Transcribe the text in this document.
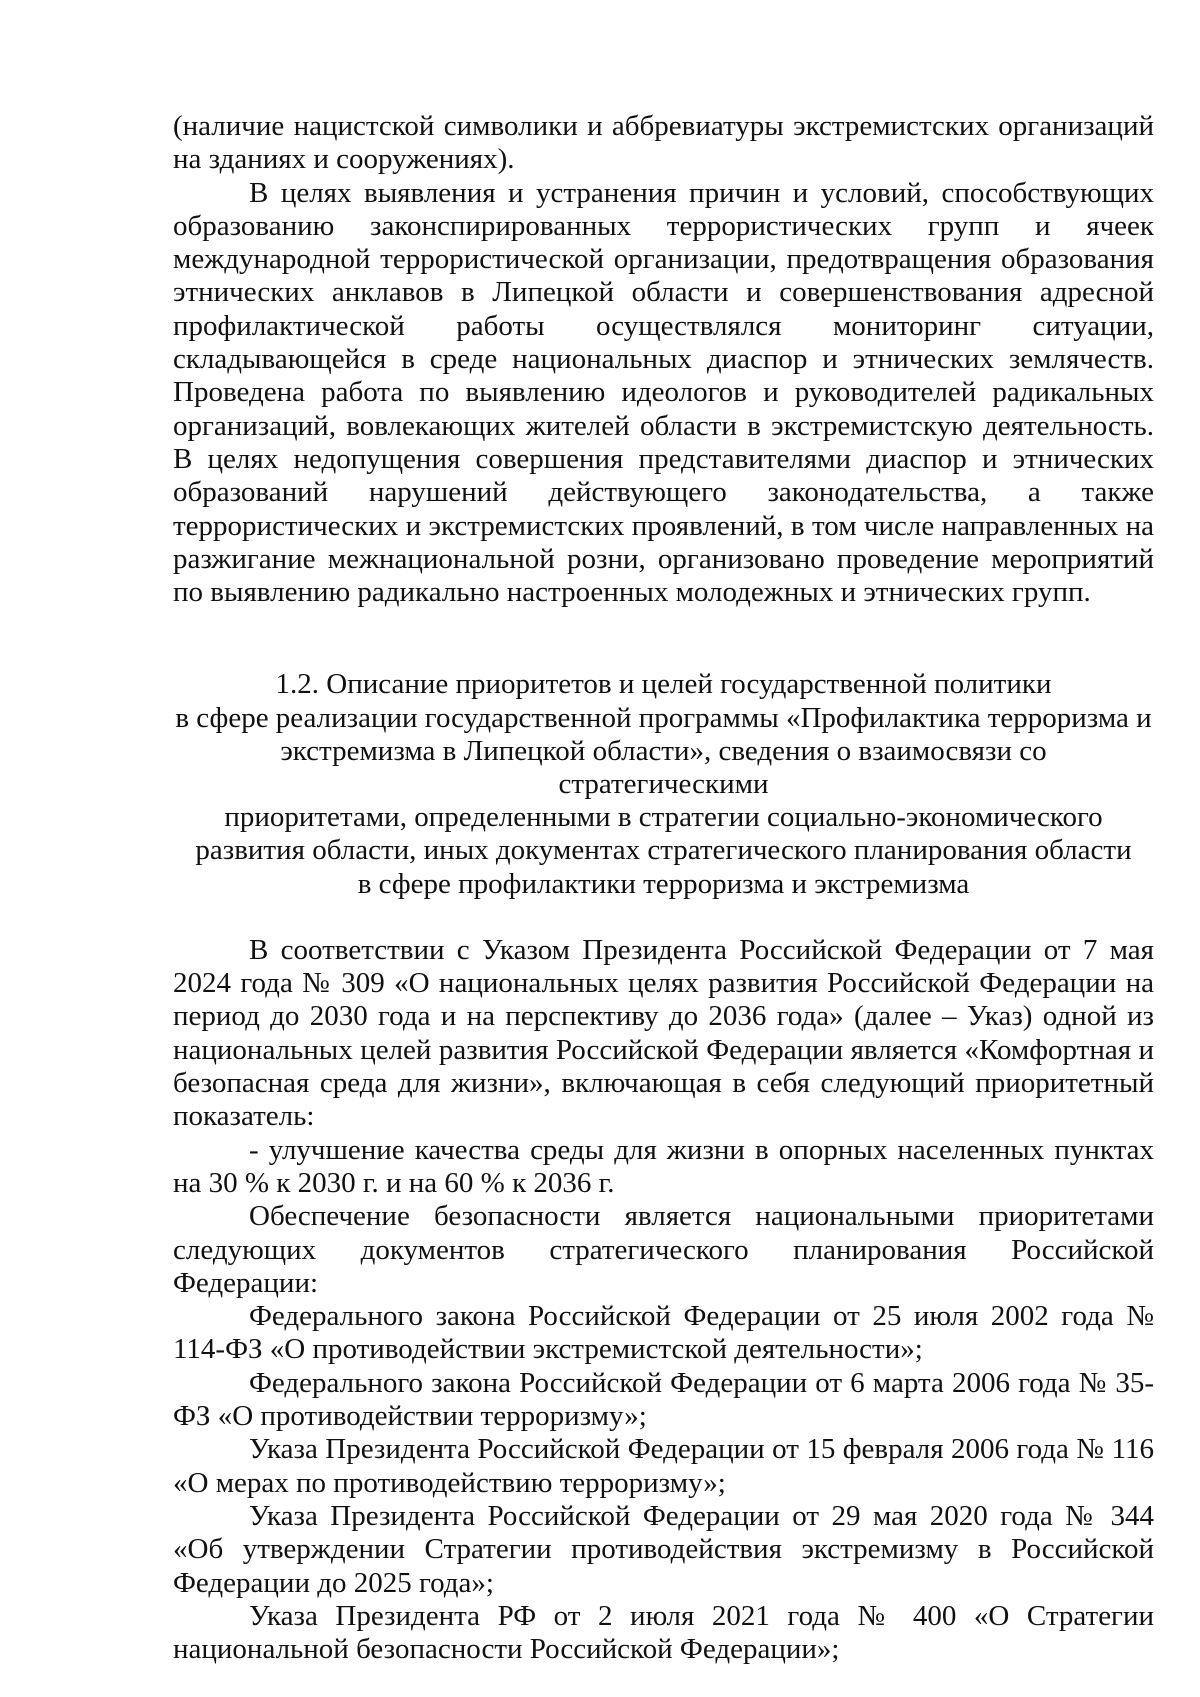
(наличие нацистской символики и аббревиатуры экстремистских организаций на зданиях и сооружениях).

В целях выявления и устранения причин и условий, способствующих образованию законспирированных террористических групп и ячеек международной террористической организации, предотвращения образования этнических анклавов в Липецкой области и совершенствования адресной профилактической работы осуществлялся мониторинг ситуации, складывающейся в среде национальных диаспор и этнических землячеств. Проведена работа по выявлению идеологов и руководителей радикальных организаций, вовлекающих жителей области в экстремистскую деятельность. В целях недопущения совершения представителями диаспор и этнических образований нарушений действующего законодательства, а также террористических и экстремистских проявлений, в том числе направленных на разжигание межнациональной розни, организовано проведение мероприятий по выявлению радикально настроенных молодежных и этнических групп.

1.2. Описание приоритетов и целей государственной политики
в сфере реализации государственной программы «Профилактика терроризма и
экстремизма в Липецкой области», сведения о взаимосвязи со стратегическими
приоритетами, определенными в стратегии социально-экономического
развития области, иных документах стратегического планирования области
в сфере профилактики терроризма и экстремизма

В соответствии с Указом Президента Российской Федерации от 7 мая 2024 года № 309 «О национальных целях развития Российской Федерации на период до 2030 года и на перспективу до 2036 года» (далее – Указ) одной из национальных целей развития Российской Федерации является «Комфортная и безопасная среда для жизни», включающая в себя следующий приоритетный показатель:

- улучшение качества среды для жизни в опорных населенных пунктах на 30 % к 2030 г. и на 60 % к 2036 г.

Обеспечение безопасности является национальными приоритетами следующих документов стратегического планирования Российской Федерации:

Федерального закона Российской Федерации от 25 июля 2002 года № 114-ФЗ «О противодействии экстремистской деятельности»;

Федерального закона Российской Федерации от 6 марта 2006 года № 35-ФЗ «О противодействии терроризму»;

Указа Президента Российской Федерации от 15 февраля 2006 года № 116 «О мерах по противодействию терроризму»;

Указа Президента Российской Федерации от 29 мая 2020 года № 344 «Об утверждении Стратегии противодействия экстремизму в Российской Федерации до 2025 года»;

Указа Президента РФ от 2 июля 2021 года № 400 «О Стратегии национальной безопасности Российской Федерации»;
